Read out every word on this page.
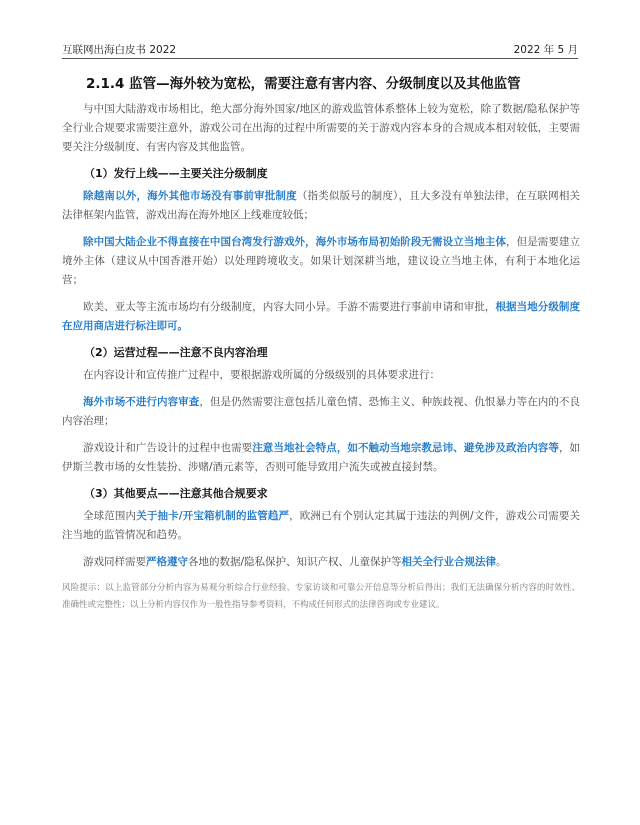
互联网出海白皮书 2022	2022 年 5 月
2.1.4 监管—海外较为宽松，需要注意有害内容、分级制度以及其他监管

与中国大陆游戏市场相比，绝大部分海外国家/地区的游戏监管体系整体上较为宽松，除了数据/隐私保护等全行业合规要求需要注意外，游戏公司在出海的过程中所需要的关于游戏内容本身的合规成本相对较低，主要需要关注分级制度、有害内容及其他监管。

（1）发行上线——主要关注分级制度

除越南以外，海外其他市场没有事前审批制度（指类似版号的制度），且大多没有单独法律，在互联网相关法律框架内监管，游戏出海在海外地区上线难度较低；

除中国大陆企业不得直接在中国台湾发行游戏外，海外市场布局初始阶段无需设立当地主体，但是需要建立境外主体（建议从中国香港开始）以处理跨境收支。如果计划深耕当地，建议设立当地主体，有利于本地化运营；

欧美、亚太等主流市场均有分级制度，内容大同小异。手游不需要进行事前申请和审批，根据当地分级制度在应用商店进行标注即可。

（2）运营过程——注意不良内容治理

在内容设计和宣传推广过程中，要根据游戏所属的分级级别的具体要求进行：

海外市场不进行内容审查，但是仍然需要注意包括儿童色情、恐怖主义、种族歧视、仇恨暴力等在内的不良内容治理；

游戏设计和广告设计的过程中也需要注意当地社会特点，如不触动当地宗教忌讳、避免涉及政治内容等，如伊斯兰教市场的女性装扮、涉赌/酒元素等，否则可能导致用户流失或被直接封禁。

（3）其他要点——注意其他合规要求

全球范围内关于抽卡/开宝箱机制的监管趋严，欧洲已有个别认定其属于违法的判例/文件，游戏公司需要关注当地的监管情况和趋势。

游戏同样需要严格遵守各地的数据/隐私保护、知识产权、儿童保护等相关全行业合规法律。

风险提示：以上监管部分分析内容为易观分析综合行业经验、专家访谈和可靠公开信息等分析后得出；我们无法确保分析内容的时效性、准确性或完整性；以上分析内容仅作为一般性指导参考资料，不构成任何形式的法律咨询或专业建议。
